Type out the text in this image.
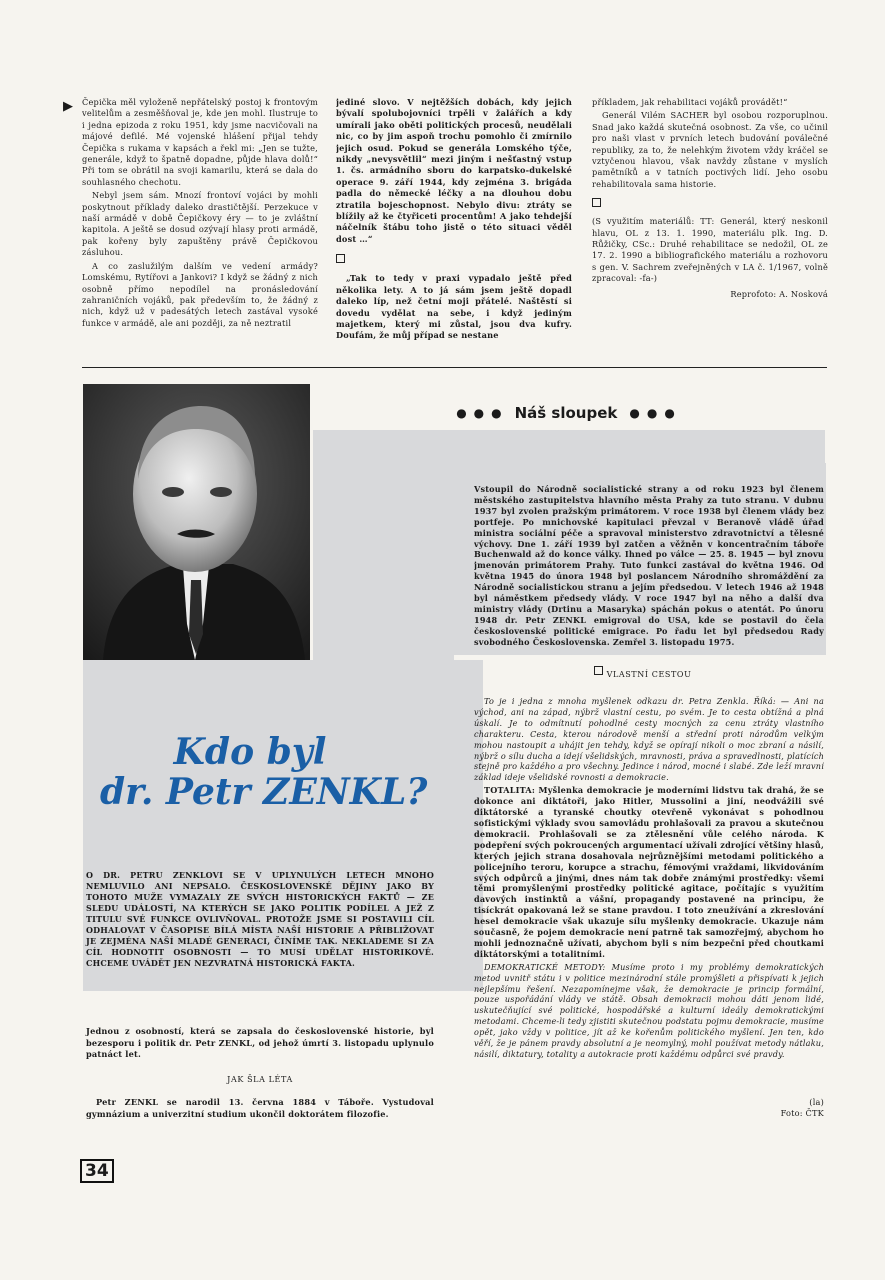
▶ Čepička měl vyloženě nepřátelský postoj k frontovým velitelům a zesměšňoval je, kde jen mohl. Ilustruje to i jedna epizoda z roku 1951, kdy jsme nacvičovali na májové defilé. Mé vojenské hlášení přijal tehdy Čepička s rukama v kapsách a řekl mi: „Jen se tužte, generále, když to špatně dopadne, půjde hlava dolů!“ Při tom se obrátil na svoji kamarilu, která se dala do souhlasného chechotu.

Nebyl jsem sám. Mnozí frontoví vojáci by mohli poskytnout příklady daleko drastičtější. Perzekuce v naší armádě v době Čepičkovy éry — to je zvláštní kapitola. A ještě se dosud ozývají hlasy proti armádě, pak kořeny byly zapuštěny právě Čepičkovou zásluhou.

A co zaslužilým dalším ve vedení armády? Lomskému, Rytířovi a Jankovi? I když se žádný z nich osobně přímo nepodílel na pronásledování zahraničních vojáků, pak především to, že žádný z nich, když už v padesátých letech zastával vysoké funkce v armádě, ale ani později, za ně neztratil

jediné slovo. V nejtěžších dobách, kdy jejich bývalí spolubojovníci trpěli v žalářích a kdy umírali jako oběti politických procesů, neudělali nic, co by jim aspoň trochu pomohlo či zmírnilo jejich osud. Pokud se generála Lomského týče, nikdy „nevysvětlil“ mezi jiným i nešťastný vstup 1. čs. armádního sboru do karpatsko-dukelské operace 9. září 1944, kdy zejména 3. brigáda padla do německé léčky a na dlouhou dobu ztratila bojeschopnost. Nebylo divu: ztráty se blížily až ke čtyřiceti procentům! A jako tehdejší náčelník štábu toho jistě o této situaci věděl dost …“

„Tak to tedy v praxi vypadalo ještě před několika lety. A to já sám jsem ještě dopadl daleko líp, než četní moji přátelé. Naštěstí si dovedu vydělat na sebe, i když jediným majetkem, který mi zůstal, jsou dva kufry. Doufám, že můj případ se nestane

příkladem, jak rehabilitaci vojáků provádět!“

Generál Vilém SACHER byl osobou rozporuplnou. Snad jako každá skutečná osobnost. Za vše, co učinil pro naši vlast v prvních letech budování poválečné republiky, za to, že nelehkým životem vždy kráčel se vztyčenou hlavou, však navždy zůstane v myslích pamětníků a v tatních poctivých lidí. Jeho osobu rehabilitovala sama historie.

(S využitím materiálů: TT: Generál, který neskonil hlavu, OL z 13. 1. 1990, materiálu plk. Ing. D. Růžičky, CSc.: Druhé rehabilitace se nedožil, OL ze 17. 2. 1990 a bibliografického materiálu a rozhovoru s gen. V. Sachrem zveřejněných v LA č. 1/1967, volně zpracoval: -fa-)

Reprofoto: A. Nosková

●●● Náš sloupek ●●●
Kdo byl
dr. Petr ZENKL?
O DR. PETRU ZENKLOVI SE V UPLYNULÝCH LETECH MNOHO NEMLUVILO ANI NEPSALO. ČESKOSLOVENSKÉ DĚJINY JAKO BY TOHOTO MUŽE VYMAZALY ZE SVÝCH HISTORICKÝCH FAKTŮ — ZE SLEDU UDÁLOSTÍ, NA KTERÝCH SE JAKO POLITIK PODÍLEL A JEŽ Z TITULU SVÉ FUNKCE OVLIVŇOVAL. PROTOŽE JSME SI POSTAVILI CÍL ODHALOVAT V ČASOPISE BÍLÁ MÍSTA NAŠÍ HISTORIE A PŘIBLIŽOVAT JE ZEJMÉNA NAŠÍ MLADÉ GENERACI, ČINÍME TAK. NEKLADEME SI ZA CÍL HODNOTIT OSOBNOSTI — TO MUSÍ UDĚLAT HISTORIKOVÉ. CHCEME UVÁDĚT JEN NEZVRATNÁ HISTORICKÁ FAKTA.
Jednou z osobností, která se zapsala do československé historie, byl bezesporu i politik dr. Petr ZENKL, od jehož úmrtí 3. listopadu uplynulo patnáct let.
JAK ŠLA LÉTA
Petr ZENKL se narodil 13. června 1884 v Táboře. Vystudoval gymnázium a univerzitní studium ukončil doktorátem filozofie.
Vstoupil do Národně socialistické strany a od roku 1923 byl členem městského zastupitelstva hlavního města Prahy za tuto stranu. V dubnu 1937 byl zvolen pražským primátorem. V roce 1938 byl členem vlády bez portfeje. Po mnichovské kapitulaci převzal v Beranově vládě úřad ministra sociální péče a spravoval ministerstvo zdravotnictví a tělesné výchovy. Dne 1. září 1939 byl zatčen a věžněn v koncentračním táboře Buchenwald až do konce války. Ihned po válce — 25. 8. 1945 — byl znovu jmenován primátorem Prahy. Tuto funkci zastával do května 1946. Od května 1945 do února 1948 byl poslancem Národního shromáždění za Národně socialistickou stranu a jejím předsedou. V letech 1946 až 1948 byl náměstkem předsedy vlády. V roce 1947 byl na něho a další dva ministry vlády (Drtinu a Masaryka) spáchán pokus o atentát. Po únoru 1948 dr. Petr ZENKL emigroval do USA, kde se postavil do čela československé politické emigrace. Po řadu let byl předsedou Rady svobodného Československa. Zemřel 3. listopadu 1975.
VLASTNÍ CESTOU

To je i jedna z mnoha myšlenek odkazu dr. Petra Zenkla. Říká: — Ani na východ, ani na západ, nýbrž vlastní cestu, po svém. Je to cesta obtížná a plná úskalí. Je to odmítnutí pohodlné cesty mocných za cenu ztráty vlastního charakteru. Cesta, kterou národově menší a střední proti národům velkým mohou nastoupit a uhájit jen tehdy, když se opírají nikoli o moc zbraní a násilí, nýbrž o sílu ducha a idejí všelidských, mravnosti, práva a spravedlnosti, platících stejně pro každého a pro všechny. Jedince i národ, mocné i slabé. Zde leží mravní základ ideje všelidské rovnosti a demokracie.

TOTALITA: Myšlenka demokracie je moderními lidstvu tak drahá, že se dokonce ani diktátoři, jako Hitler, Mussolini a jiní, neodvážili své diktátorské a tyranské choutky otevřeně vykonávat s pohodlnou sofistickými výklady svou samovládu prohlašovali za pravou a skutečnou demokracii. Prohlašovali se za ztělesnění vůle celého národa. K podepření svých pokroucených argumentací užívali zdrojící většiny hlasů, kterých jejich strana dosahovala nejrůznějšími metodami politického a policejního teroru, korupce a strachu, fémovými vraždami, likvidováním svých odpůrců a jinými, dnes nám tak dobře známými prostředky: všemi těmi promyšlenými prostředky politické agitace, počítajíc s využitím davových instinktů a vášní, propagandy postavené na principu, že tisíckrát opakovaná lež se stane pravdou. I toto zneužívání a zkreslování hesel demokracie však ukazuje sílu myšlenky demokracie. Ukazuje nám současně, že pojem demokracie není patrně tak samozřejmý, abychom ho mohli jednoznačně užívati, abychom byli s ním bezpečni před choutkami diktátorskými a totalitními.

DEMOKRATICKÉ METODY: Musíme proto i my problémy demokratických metod uvnitř státu i v politice mezinárodní stále promýšleti a přispívati k jejich nejlepšímu řešení. Nezapomínejme však, že demokracie je princip formální, pouze uspořádání vlády ve státě. Obsah demokracii mohou dáti jenom lidé, uskutečňující své politické, hospodářské a kulturní ideály demokratickými metodami. Chceme-li tedy zjistiti skutečnou podstatu pojmu demokracie, musíme opět, jako vždy v politice, jít až ke kořenům politického myšlení. Jen ten, kdo věří, že je pánem pravdy absolutní a je neomylný, mohl používat metody nátlaku, násilí, diktatury, totality a autokracie proti každému odpůrci své pravdy.

(la)
Foto: ČTK
34
